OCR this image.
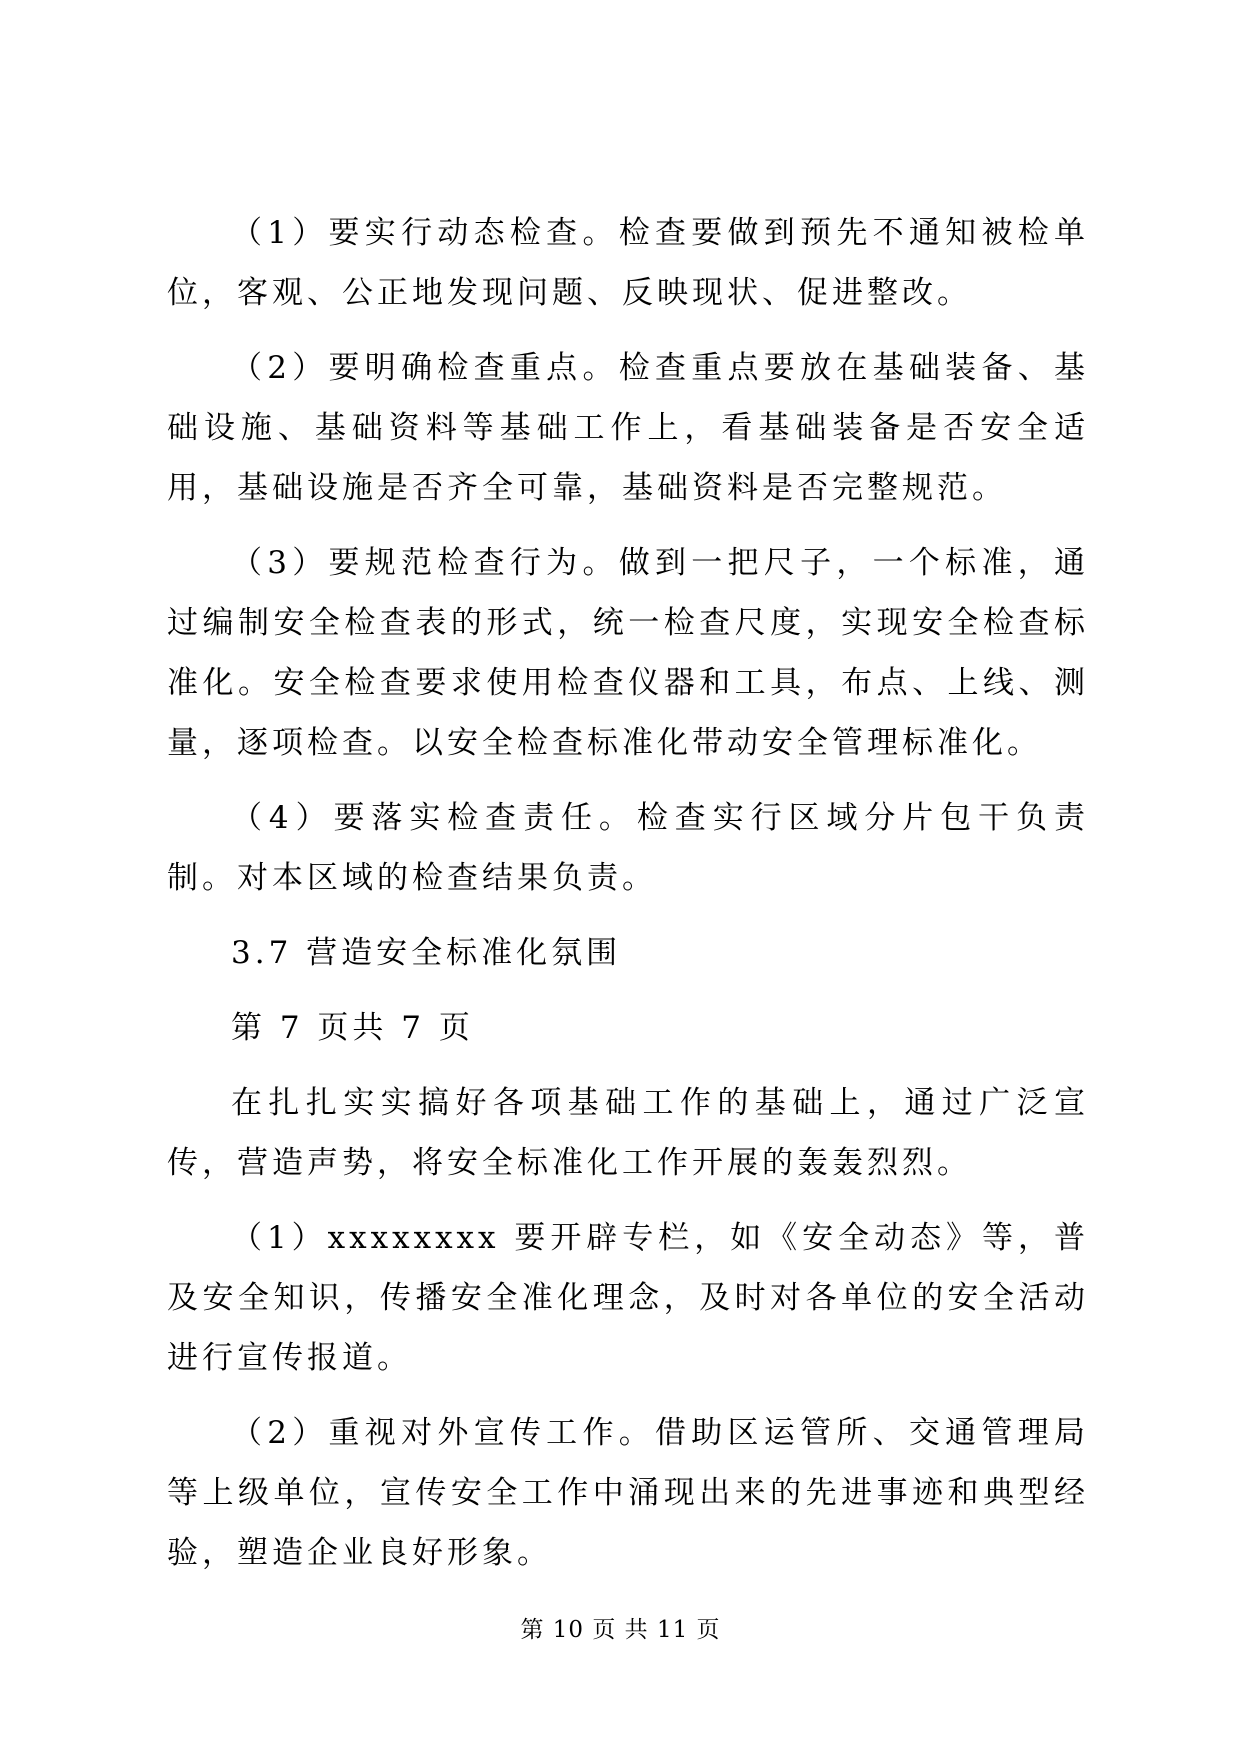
（1）要实行动态检查。检查要做到预先不通知被检单位，客观、公正地发现问题、反映现状、促进整改。

（2）要明确检查重点。检查重点要放在基础装备、基础设施、基础资料等基础工作上，看基础装备是否安全适用，基础设施是否齐全可靠，基础资料是否完整规范。

（3）要规范检查行为。做到一把尺子，一个标准，通过编制安全检查表的形式，统一检查尺度，实现安全检查标准化。安全检查要求使用检查仪器和工具，布点、上线、测量，逐项检查。以安全检查标准化带动安全管理标准化。

（4）要落实检查责任。检查实行区域分片包干负责制。对本区域的检查结果负责。

3.7 营造安全标准化氛围

第 7 页共 7 页

在扎扎实实搞好各项基础工作的基础上，通过广泛宣传，营造声势，将安全标准化工作开展的轰轰烈烈。

（1）xxxxxxxx 要开辟专栏，如《安全动态》等，普及安全知识，传播安全准化理念，及时对各单位的安全活动进行宣传报道。

（2）重视对外宣传工作。借助区运管所、交通管理局等上级单位，宣传安全工作中涌现出来的先进事迹和典型经验，塑造企业良好形象。

第 10 页 共 11 页
